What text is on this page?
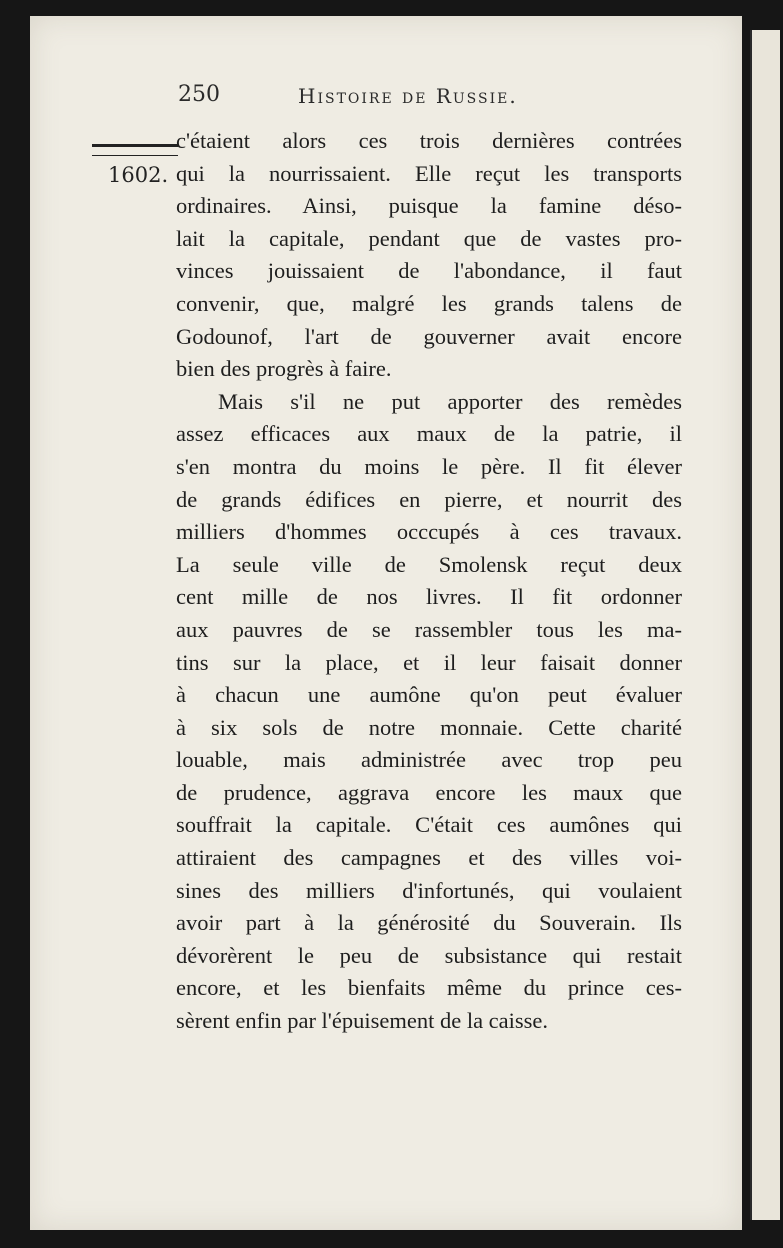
250	Histoire de Russie.
1602.
c'étaient alors ces trois dernières contrées
qui la nourrissaient. Elle reçut les transports
ordinaires. Ainsi, puisque la famine déso-
lait la capitale, pendant que de vastes pro-
vinces jouissaient de l'abondance, il faut
convenir, que, malgré les grands talens de
Godounof, l'art de gouverner avait encore
bien des progrès à faire.
Mais s'il ne put apporter des remèdes
assez efficaces aux maux de la patrie, il
s'en montra du moins le père. Il fit élever
de grands édifices en pierre, et nourrit des
milliers d'hommes occcupés à ces travaux.
La seule ville de Smolensk reçut deux
cent mille de nos livres. Il fit ordonner
aux pauvres de se rassembler tous les ma-
tins sur la place, et il leur faisait donner
à chacun une aumône qu'on peut évaluer
à six sols de notre monnaie. Cette charité
louable, mais administrée avec trop peu
de prudence, aggrava encore les maux que
souffrait la capitale. C'était ces aumônes qui
attiraient des campagnes et des villes voi-
sines des milliers d'infortunés, qui voulaient
avoir part à la générosité du Souverain. Ils
dévorèrent le peu de subsistance qui restait
encore, et les bienfaits même du prince ces-
sèrent enfin par l'épuisement de la caisse.
